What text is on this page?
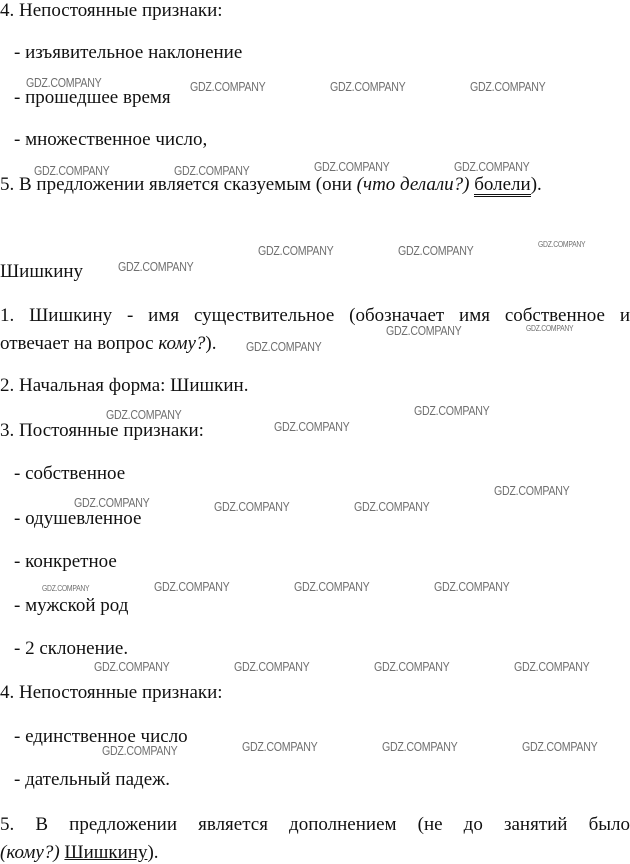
4. Непостоянные признаки:
- изъявительное наклонение
- прошедшее время
- множественное число,
5. В предложении является сказуемым (они (что делали?) болели).
Шишкину
1. Шишкину - имя существительное (обозначает имя собственное и
отвечает на вопрос кому?).
2. Начальная форма: Шишкин.
3. Постоянные признаки:
- собственное
- одушевленное
- конкретное
- мужской род
- 2 склонение.
4. Непостоянные признаки:
- единственное число
- дательный падеж.
5. В предложении является дополнением (не до занятий было
(кому?) Шишкину).
GDZ.COMPANY	GDZ.COMPANY	GDZ.COMPANY	GDZ.COMPANY
GDZ.COMPANY	GDZ.COMPANY	GDZ.COMPANY	GDZ.COMPANY
GDZ.COMPANY	GDZ.COMPANY	GDZ.COMPANY
GDZ.COMPANY
GDZ.COMPANY	GDZ.COMPANY
GDZ.COMPANY
GDZ.COMPANY	GDZ.COMPANY
GDZ.COMPANY
GDZ.COMPANY
GDZ.COMPANY	GDZ.COMPANY	GDZ.COMPANY
GDZ.COMPANY	GDZ.COMPANY	GDZ.COMPANY	GDZ.COMPANY
GDZ.COMPANY	GDZ.COMPANY	GDZ.COMPANY	GDZ.COMPANY
GDZ.COMPANY	GDZ.COMPANY	GDZ.COMPANY	GDZ.COMPANY
